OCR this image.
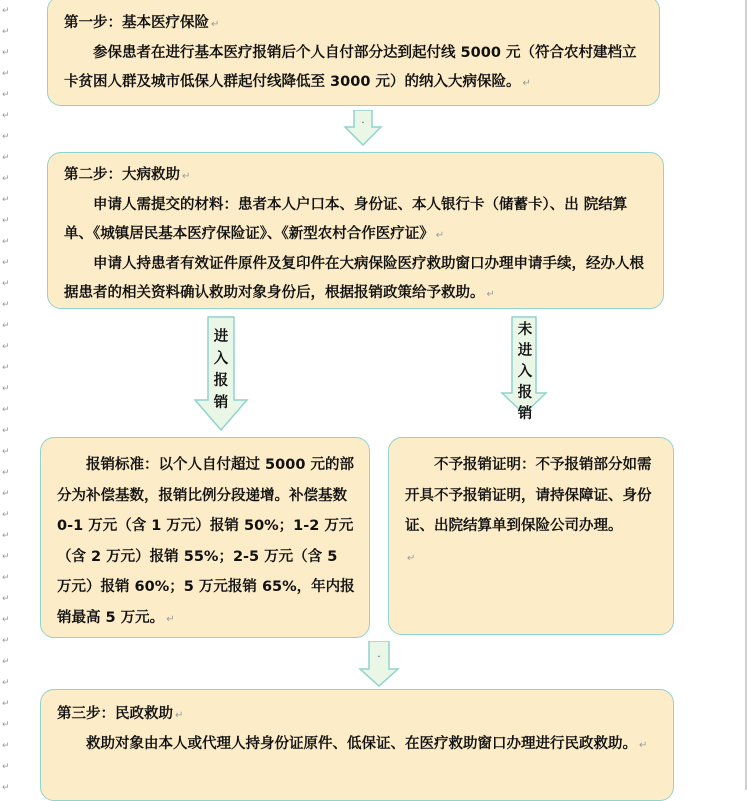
↵
↵
↵
↵
↵
↵
↵
↵
↵
↵
↵
↵
↵
↵
↵
↵
↵
↵
↵
↵
↵
↵
↵
↵
↵
↵
↵
↵
↵
↵
↵
↵
↵
↵
↵
↵
↵
↵
第一步：基本医疗保险 ↵

参保患者在进行基本医疗报销后个人自付部分达到起付线 5000 元（符合农村建档立卡贫困人群及城市低保人群起付线降低至 3000 元）的纳入大病保险。 ↵

.
第二步：大病救助 ↵

申请人需提交的材料：患者本人户口本、身份证、本人银行卡（储蓄卡）、出 院结算单、《城镇居民基本医疗保险证》、《新型农村合作医疗证》 ↵

申请人持患者有效证件原件及复印件在大病保险医疗救助窗口办理申请手续，经办人根据患者的相关资料确认救助对象身份后，根据报销政策给予救助。 ↵

进
入
报
销
未
进
入
报
销

报销标准：以个人自付超过 5000 元的部分为补偿基数，报销比例分段递增。补偿基数 0-1 万元（含 1 万元）报销 50%；1-2 万元（含 2 万元）报销 55%；2-5 万元（含 5 万元）报销 60%；5 万元报销 65%，年内报销最高 5 万元。 ↵

不予报销证明：不予报销部分如需开具不予报销证明，请持保障证、身份证、出院结算单到保险公司办理。

↵
.
第三步：民政救助 ↵

救助对象由本人或代理人持身份证原件、低保证、在医疗救助窗口办理进行民政救助。 ↵
